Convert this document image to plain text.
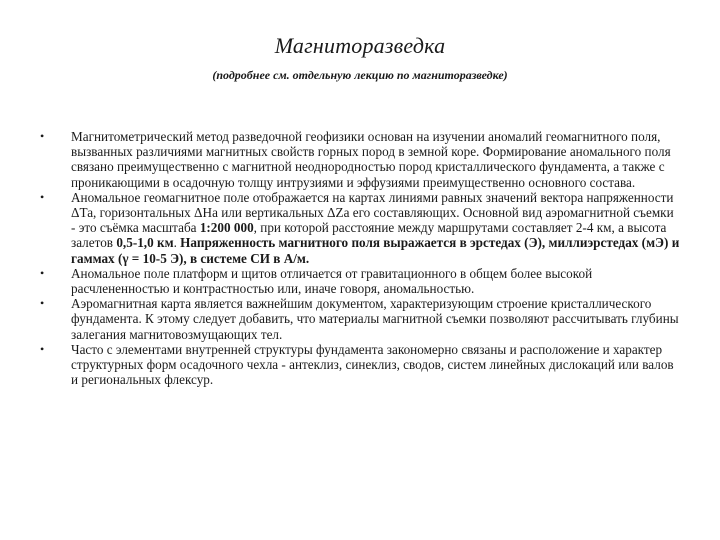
Магниторазведка
(подробнее см. отдельную лекцию по магниторазведке)
•	Магнитометрический метод разведочной геофизики основан на изучении аномалий геомагнитного поля, вызванных различиями магнитных свойств горных пород в земной коре. Формирование аномального поля связано преимущественно с магнитной неоднородностью пород кристаллического фундамента, а также с проникающими в осадочную толщу интрузиями и эффузиями преимущественно основного состава.
•	Аномальное геомагнитное поле отображается на картах линиями равных значений вектора напряженности ΔТа, горизонтальных ΔНа или вертикальных ΔZа его составляющих. Основной вид аэромагнитной съемки - это съёмка масштаба 1:200 000, при которой расстояние между маршрутами составляет 2-4 км, а высота залетов 0,5-1,0 км. Напряженность магнитного поля выражается в эрстедах (Э), миллиэрстедах (мЭ) и гаммах (γ = 10-5 Э), в системе СИ в А/м.
•	Аномальное поле платформ и щитов отличается от гравитационного в общем более высокой расчлененностью и контрастностью или, иначе говоря, аномальностью.
•	Аэромагнитная карта является важнейшим документом, характеризующим строение кристаллического фундамента. К этому следует добавить, что материалы магнитной съемки позволяют рассчитывать глубины залегания магнитовозмущающих тел.
•	Часто с элементами внутренней структуры фундамента закономерно связаны и расположение и характер структурных форм осадочного чехла - антеклиз, синеклиз, сводов, систем линейных дислокаций или валов и региональных флексур.
